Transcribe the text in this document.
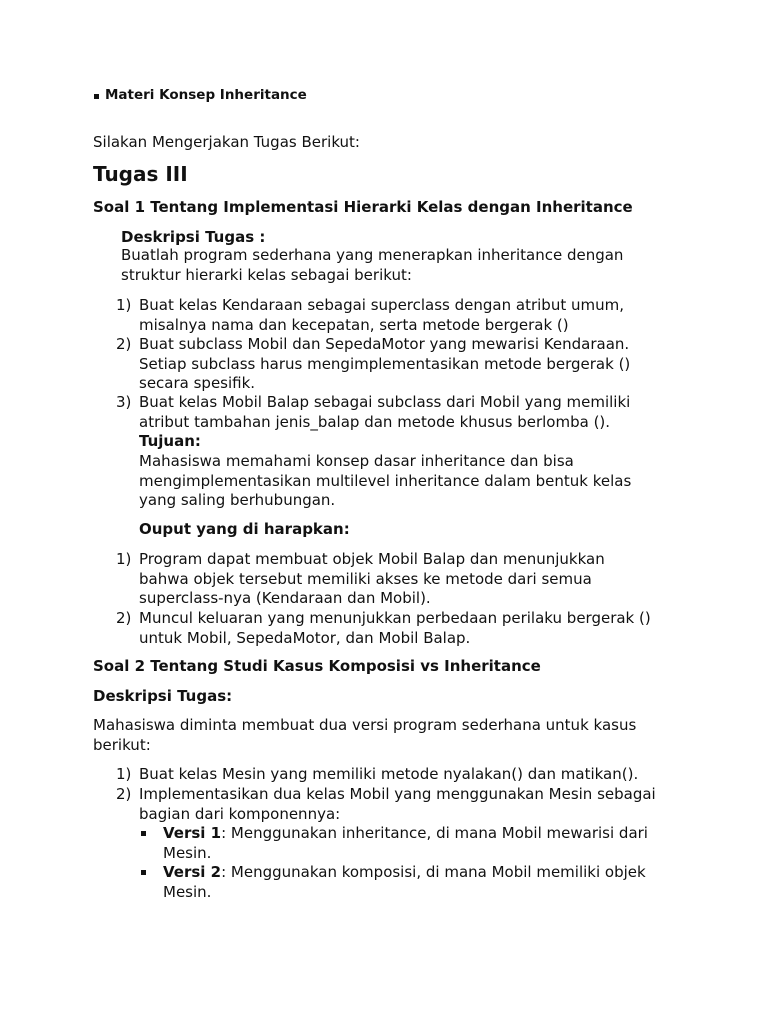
Materi Konsep Inheritance
Silakan Mengerjakan Tugas Berikut:
Tugas III
Soal 1 Tentang Implementasi Hierarki Kelas dengan Inheritance
Deskripsi Tugas :
Buatlah program sederhana yang menerapkan inheritance dengan
struktur hierarki kelas sebagai berikut:
1) Buat kelas Kendaraan sebagai superclass dengan atribut umum,
misalnya nama dan kecepatan, serta metode bergerak ()
2) Buat subclass Mobil dan SepedaMotor yang mewarisi Kendaraan.
Setiap subclass harus mengimplementasikan metode bergerak ()
secara spesifik.
3) Buat kelas Mobil Balap sebagai subclass dari Mobil yang memiliki
atribut tambahan jenis_balap dan metode khusus berlomba ().
Tujuan:
Mahasiswa memahami konsep dasar inheritance dan bisa
mengimplementasikan multilevel inheritance dalam bentuk kelas
yang saling berhubungan.
Ouput yang di harapkan:
1) Program dapat membuat objek Mobil Balap dan menunjukkan
bahwa objek tersebut memiliki akses ke metode dari semua
superclass-nya (Kendaraan dan Mobil).
2) Muncul keluaran yang menunjukkan perbedaan perilaku bergerak ()
untuk Mobil, SepedaMotor, dan Mobil Balap.
Soal 2 Tentang Studi Kasus Komposisi vs Inheritance
Deskripsi Tugas:
Mahasiswa diminta membuat dua versi program sederhana untuk kasus
berikut:
1) Buat kelas Mesin yang memiliki metode nyalakan() dan matikan().
2) Implementasikan dua kelas Mobil yang menggunakan Mesin sebagai
bagian dari komponennya:
Versi 1: Menggunakan inheritance, di mana Mobil mewarisi dari
Mesin.
Versi 2: Menggunakan komposisi, di mana Mobil memiliki objek
Mesin.
